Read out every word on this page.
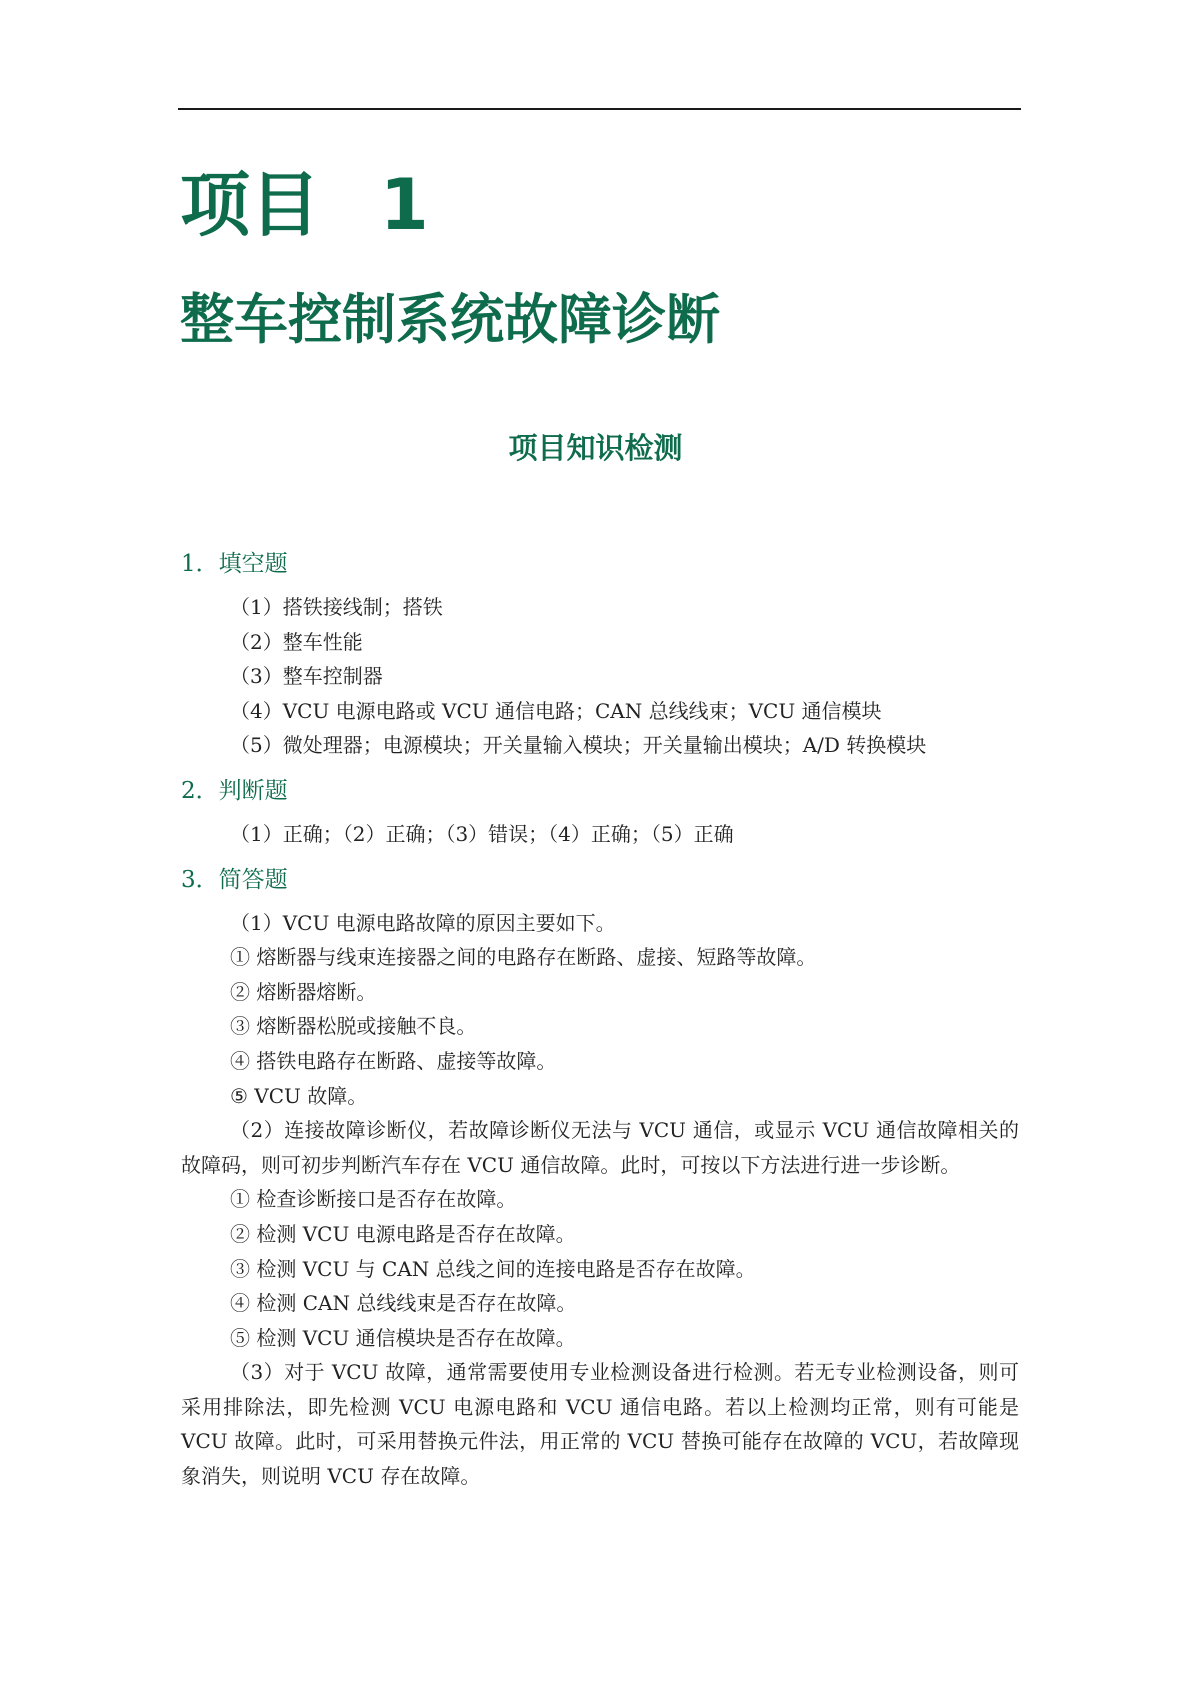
项目 1
整车控制系统故障诊断
项目知识检测
1．填空题
（1）搭铁接线制；搭铁
（2）整车性能
（3）整车控制器
（4）VCU 电源电路或 VCU 通信电路；CAN 总线线束；VCU 通信模块
（5）微处理器；电源模块；开关量输入模块；开关量输出模块；A/D 转换模块
2．判断题
（1）正确；（2）正确；（3）错误；（4）正确；（5）正确
3．简答题
（1）VCU 电源电路故障的原因主要如下。
① 熔断器与线束连接器之间的电路存在断路、虚接、短路等故障。
② 熔断器熔断。
③ 熔断器松脱或接触不良。
④ 搭铁电路存在断路、虚接等故障。
⑤ VCU 故障。
（2）连接故障诊断仪，若故障诊断仪无法与 VCU 通信，或显示 VCU 通信故障相关的故障码，则可初步判断汽车存在 VCU 通信故障。此时，可按以下方法进行进一步诊断。
① 检查诊断接口是否存在故障。
② 检测 VCU 电源电路是否存在故障。
③ 检测 VCU 与 CAN 总线之间的连接电路是否存在故障。
④ 检测 CAN 总线线束是否存在故障。
⑤ 检测 VCU 通信模块是否存在故障。
（3）对于 VCU 故障，通常需要使用专业检测设备进行检测。若无专业检测设备，则可采用排除法，即先检测 VCU 电源电路和 VCU 通信电路。若以上检测均正常，则有可能是 VCU 故障。此时，可采用替换元件法，用正常的 VCU 替换可能存在故障的 VCU，若故障现象消失，则说明 VCU 存在故障。
